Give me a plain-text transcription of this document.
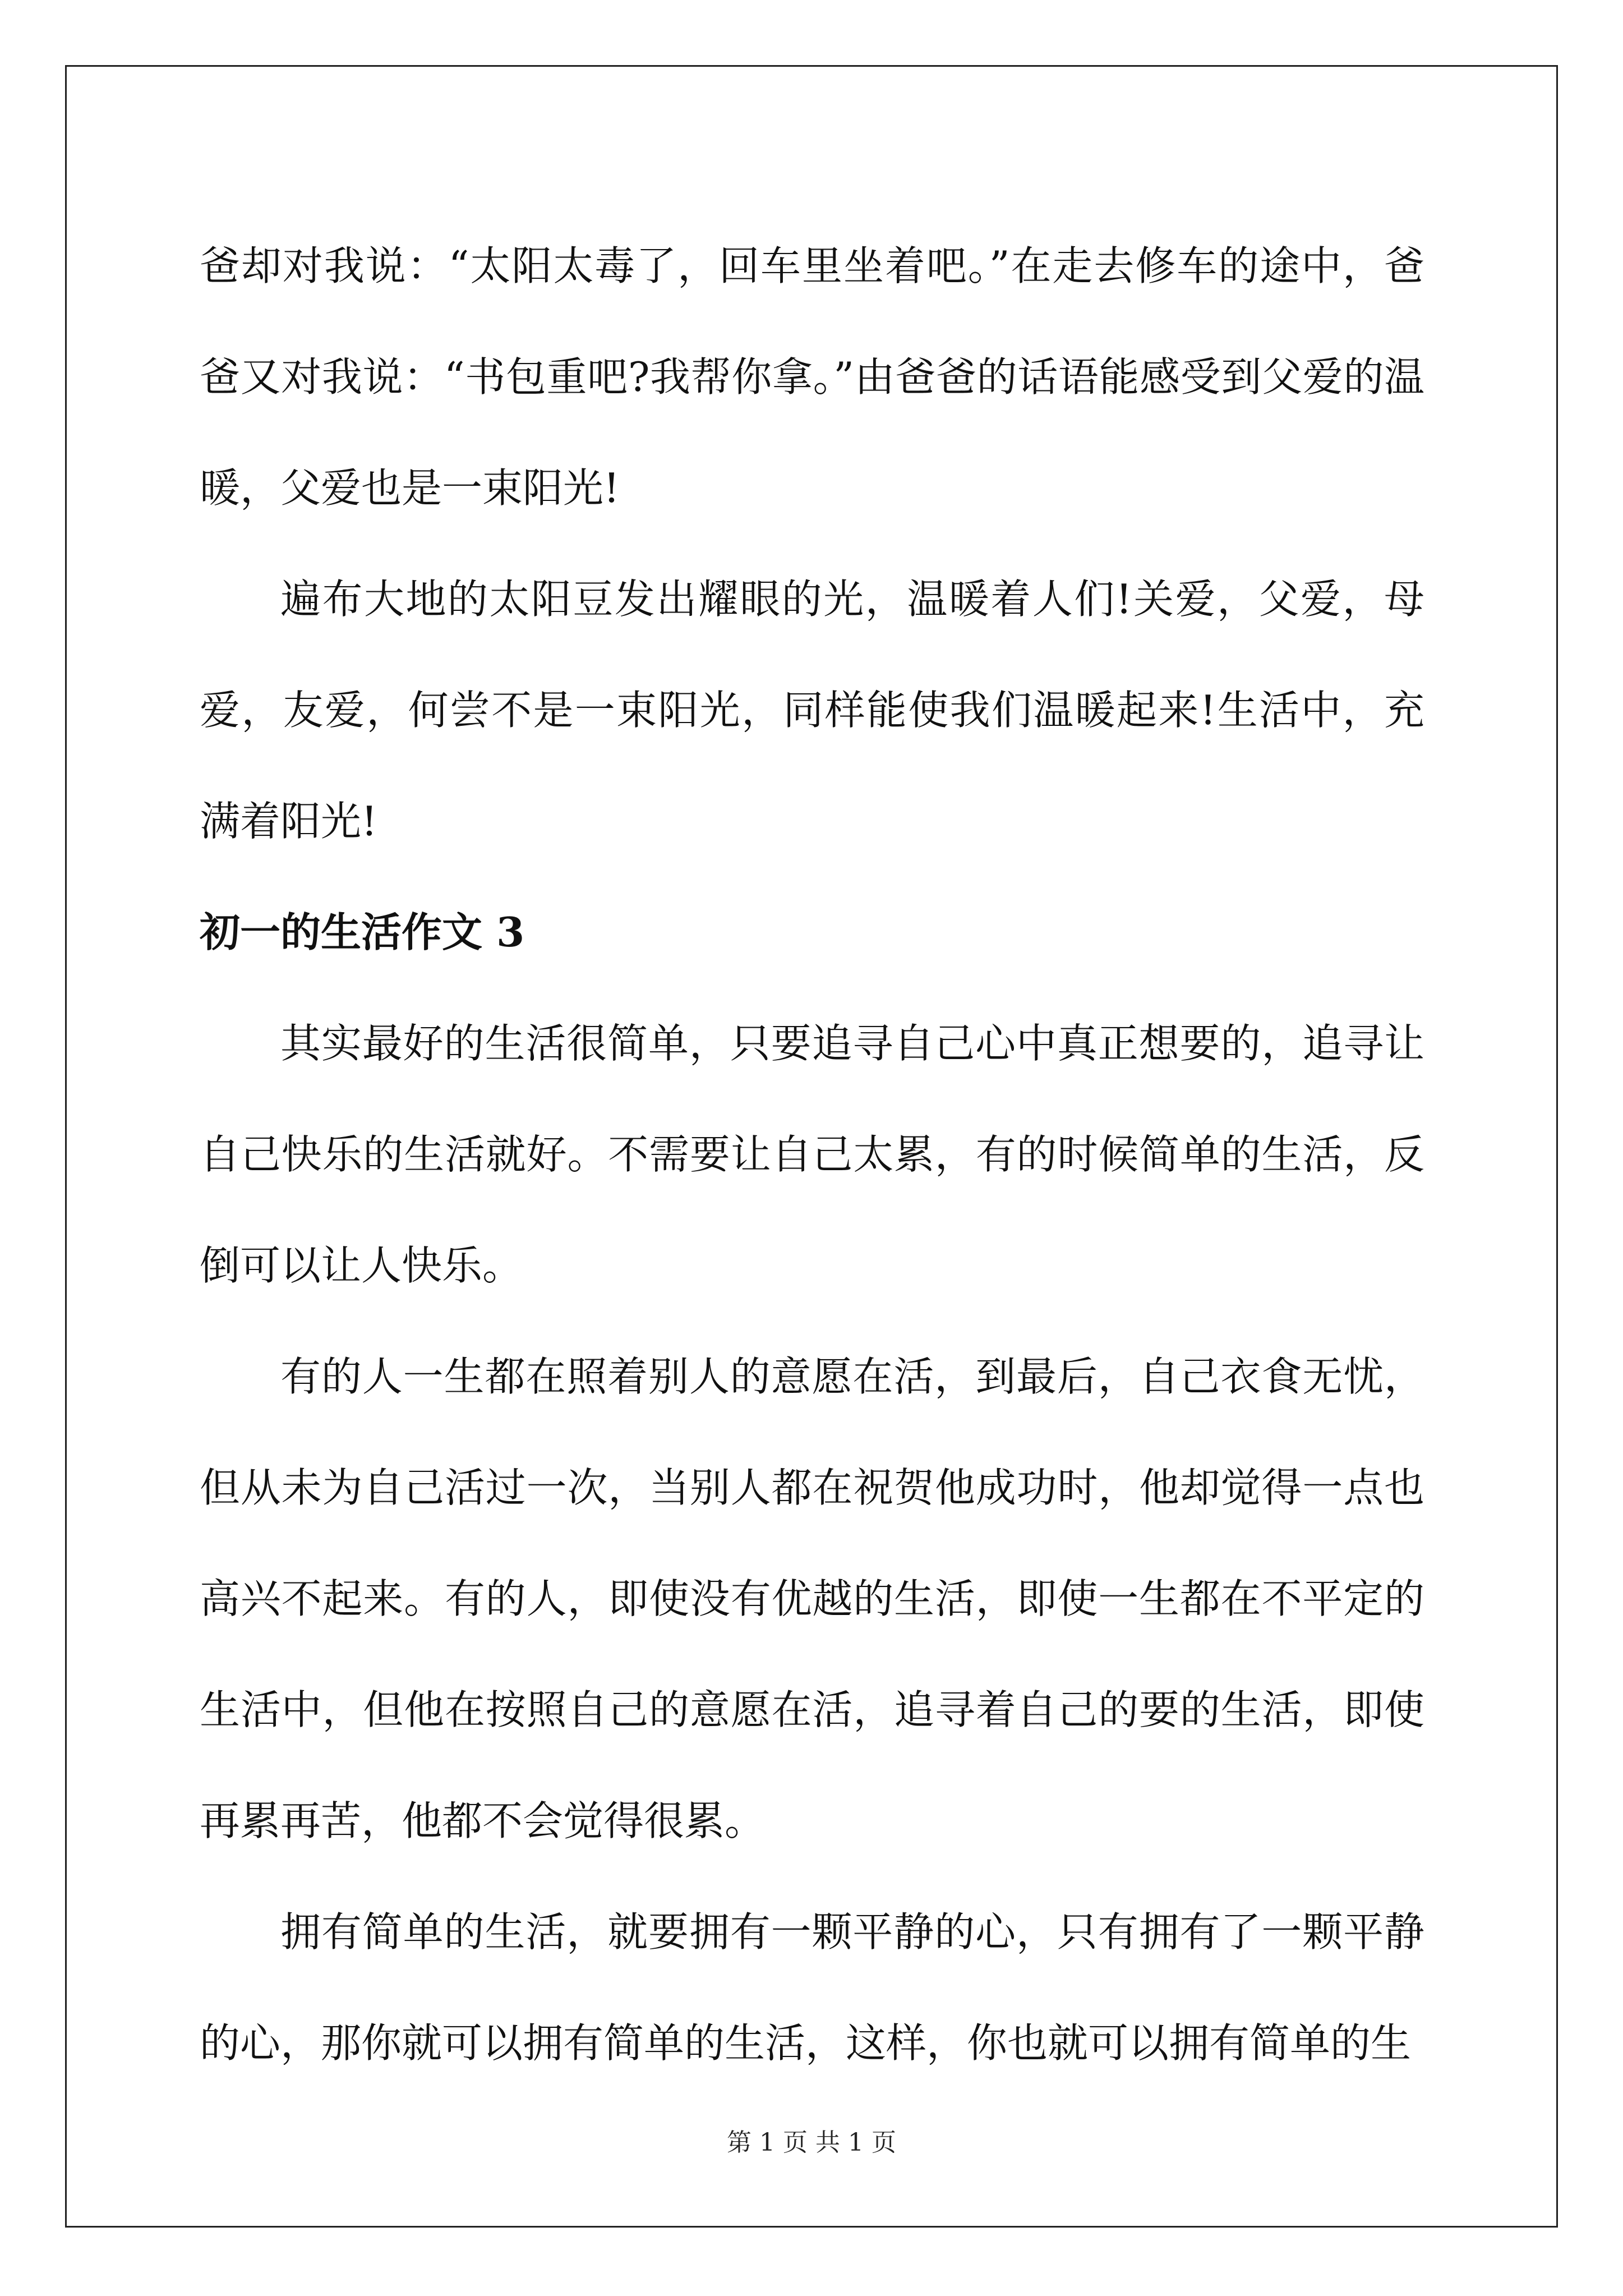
爸却对我说：“太阳太毒了，回车里坐着吧。”在走去修车的途中，爸爸又对我说：“书包重吧?我帮你拿。”由爸爸的话语能感受到父爱的温暖，父爱也是一束阳光!

遍布大地的太阳豆发出耀眼的光，温暖着人们!关爱，父爱，母爱，友爱，何尝不是一束阳光，同样能使我们温暖起来!生活中，充满着阳光!

初一的生活作文 3

其实最好的生活很简单，只要追寻自己心中真正想要的，追寻让自己快乐的生活就好。不需要让自己太累，有的时候简单的生活，反倒可以让人快乐。

有的人一生都在照着别人的意愿在活，到最后，自己衣食无忧，但从未为自己活过一次，当别人都在祝贺他成功时，他却觉得一点也高兴不起来。有的人，即使没有优越的生活，即使一生都在不平定的生活中，但他在按照自己的意愿在活，追寻着自己的要的生活，即使再累再苦，他都不会觉得很累。

拥有简单的生活，就要拥有一颗平静的心，只有拥有了一颗平静的心，那你就可以拥有简单的生活，这样，你也就可以拥有简单的生

第 1 页 共 1 页
